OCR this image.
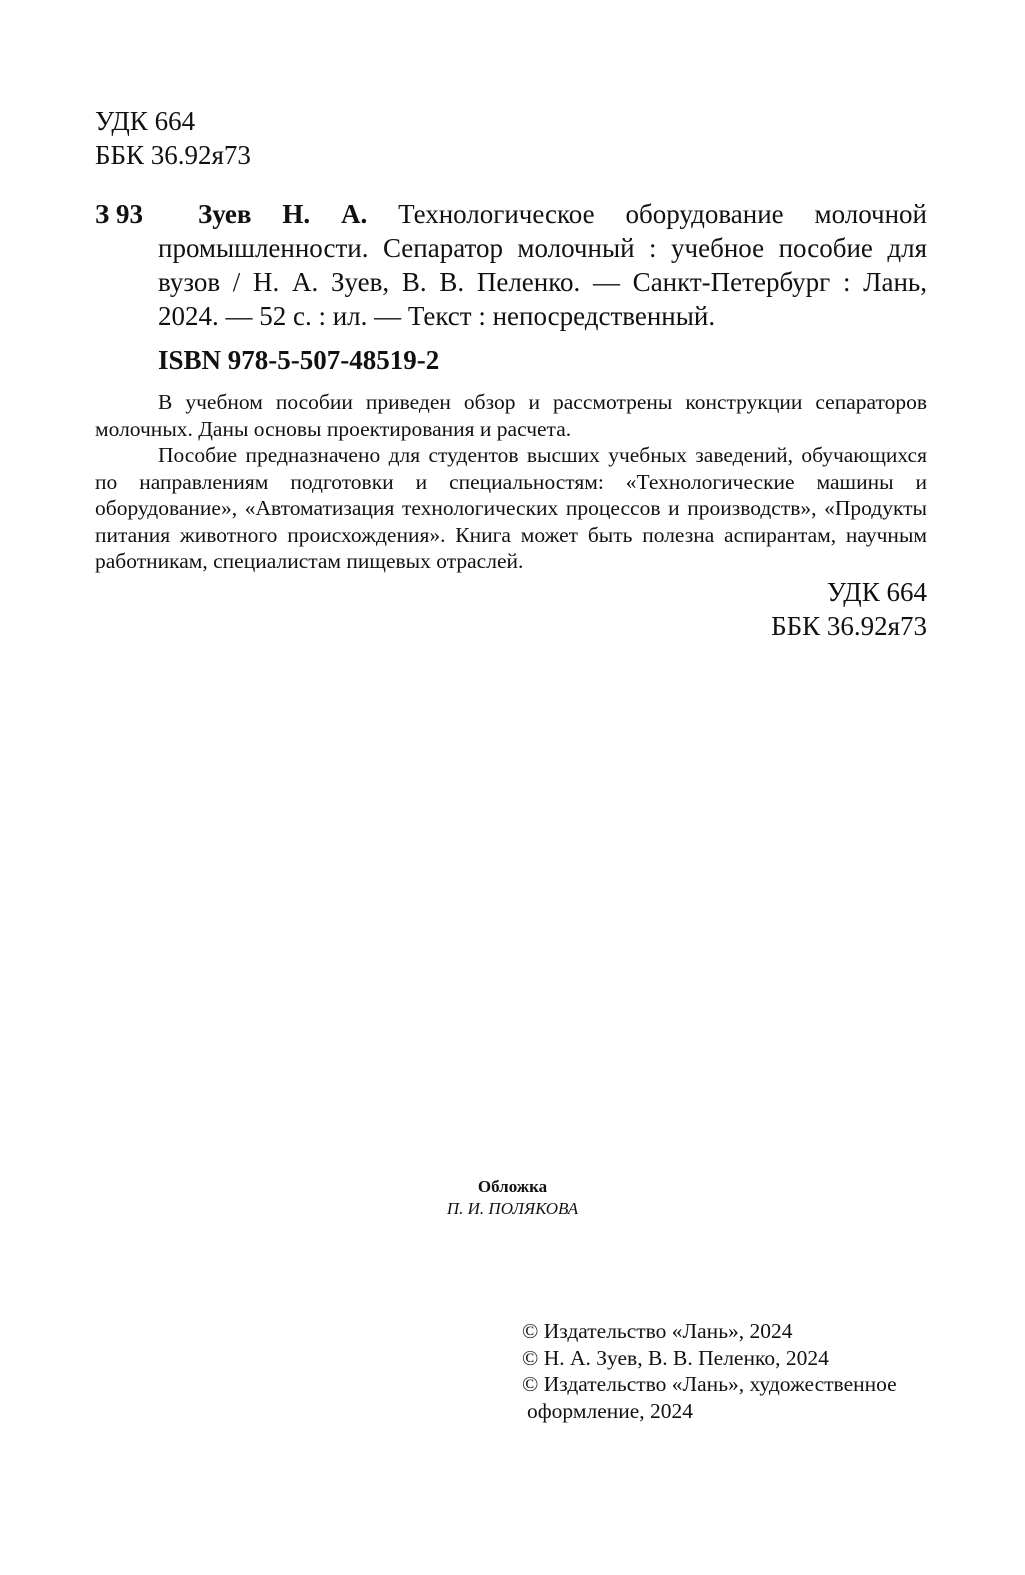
УДК 664
ББК 36.92я73
З 93	Зуев Н. А. Технологическое оборудование молочной промышленности. Сепаратор молочный : учебное пособие для вузов / Н. А. Зуев, В. В. Пеленко. — Санкт-Петербург : Лань, 2024. — 52 с. : ил. — Текст : непосредственный.
ISBN 978-5-507-48519-2

В учебном пособии приведен обзор и рассмотрены конструкции сепараторов молочных. Даны основы проектирования и расчета.

Пособие предназначено для студентов высших учебных заведений, обучающихся по направлениям подготовки и специальностям: «Технологические машины и оборудование», «Автоматизация технологических процессов и производств», «Продукты питания животного происхождения». Книга может быть полезна аспирантам, научным работникам, специалистам пищевых отраслей.

УДК 664
ББК 36.92я73
Обложка
П. И. ПОЛЯКОВА
© Издательство «Лань», 2024
© Н. А. Зуев, В. В. Пеленко, 2024
© Издательство «Лань», художественное
оформление, 2024
